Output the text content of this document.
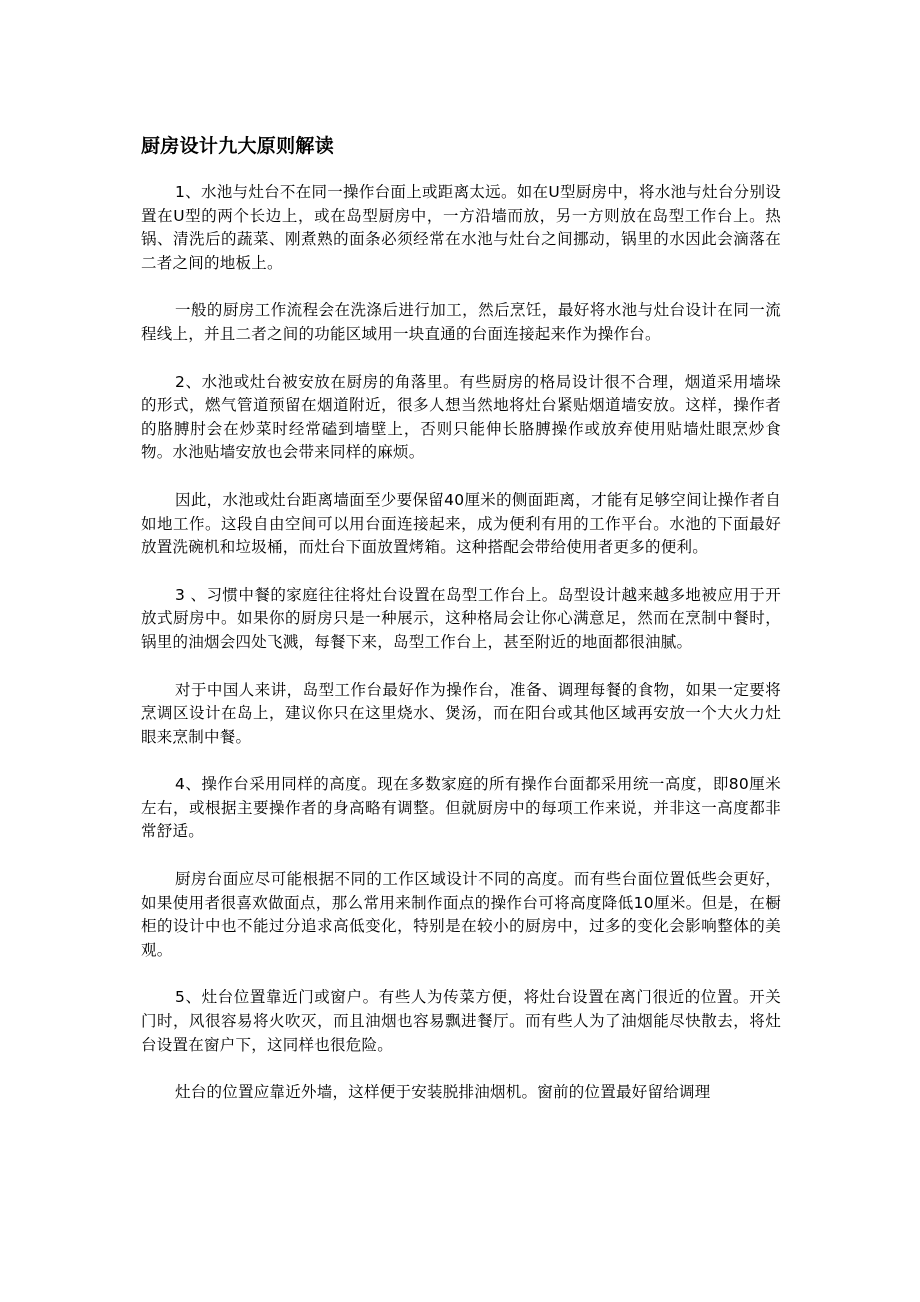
厨房设计九大原则解读

1、水池与灶台不在同一操作台面上或距离太远。如在U型厨房中，将水池与灶台分别设置在U型的两个长边上，或在岛型厨房中，一方沿墙而放，另一方则放在岛型工作台上。热锅、清洗后的蔬菜、刚煮熟的面条必须经常在水池与灶台之间挪动，锅里的水因此会滴落在二者之间的地板上。

一般的厨房工作流程会在洗涤后进行加工，然后烹饪，最好将水池与灶台设计在同一流程线上，并且二者之间的功能区域用一块直通的台面连接起来作为操作台。

2、水池或灶台被安放在厨房的角落里。有些厨房的格局设计很不合理，烟道采用墙垛的形式，燃气管道预留在烟道附近，很多人想当然地将灶台紧贴烟道墙安放。这样，操作者的胳膊肘会在炒菜时经常磕到墙壁上，否则只能伸长胳膊操作或放弃使用贴墙灶眼烹炒食物。水池贴墙安放也会带来同样的麻烦。

因此，水池或灶台距离墙面至少要保留40厘米的侧面距离，才能有足够空间让操作者自如地工作。这段自由空间可以用台面连接起来，成为便利有用的工作平台。水池的下面最好放置洗碗机和垃圾桶，而灶台下面放置烤箱。这种搭配会带给使用者更多的便利。

3 、习惯中餐的家庭往往将灶台设置在岛型工作台上。岛型设计越来越多地被应用于开放式厨房中。如果你的厨房只是一种展示，这种格局会让你心满意足，然而在烹制中餐时，锅里的油烟会四处飞溅，每餐下来，岛型工作台上，甚至附近的地面都很油腻。

对于中国人来讲，岛型工作台最好作为操作台，准备、调理每餐的食物，如果一定要将烹调区设计在岛上，建议你只在这里烧水、煲汤，而在阳台或其他区域再安放一个大火力灶眼来烹制中餐。

4、操作台采用同样的高度。现在多数家庭的所有操作台面都采用统一高度，即80厘米左右，或根据主要操作者的身高略有调整。但就厨房中的每项工作来说，并非这一高度都非常舒适。

厨房台面应尽可能根据不同的工作区域设计不同的高度。而有些台面位置低些会更好，如果使用者很喜欢做面点，那么常用来制作面点的操作台可将高度降低10厘米。但是，在橱柜的设计中也不能过分追求高低变化，特别是在较小的厨房中，过多的变化会影响整体的美观。

5、灶台位置靠近门或窗户。有些人为传菜方便，将灶台设置在离门很近的位置。开关门时，风很容易将火吹灭，而且油烟也容易飘进餐厅。而有些人为了油烟能尽快散去，将灶台设置在窗户下，这同样也很危险。

灶台的位置应靠近外墙，这样便于安装脱排油烟机。窗前的位置最好留给调理
